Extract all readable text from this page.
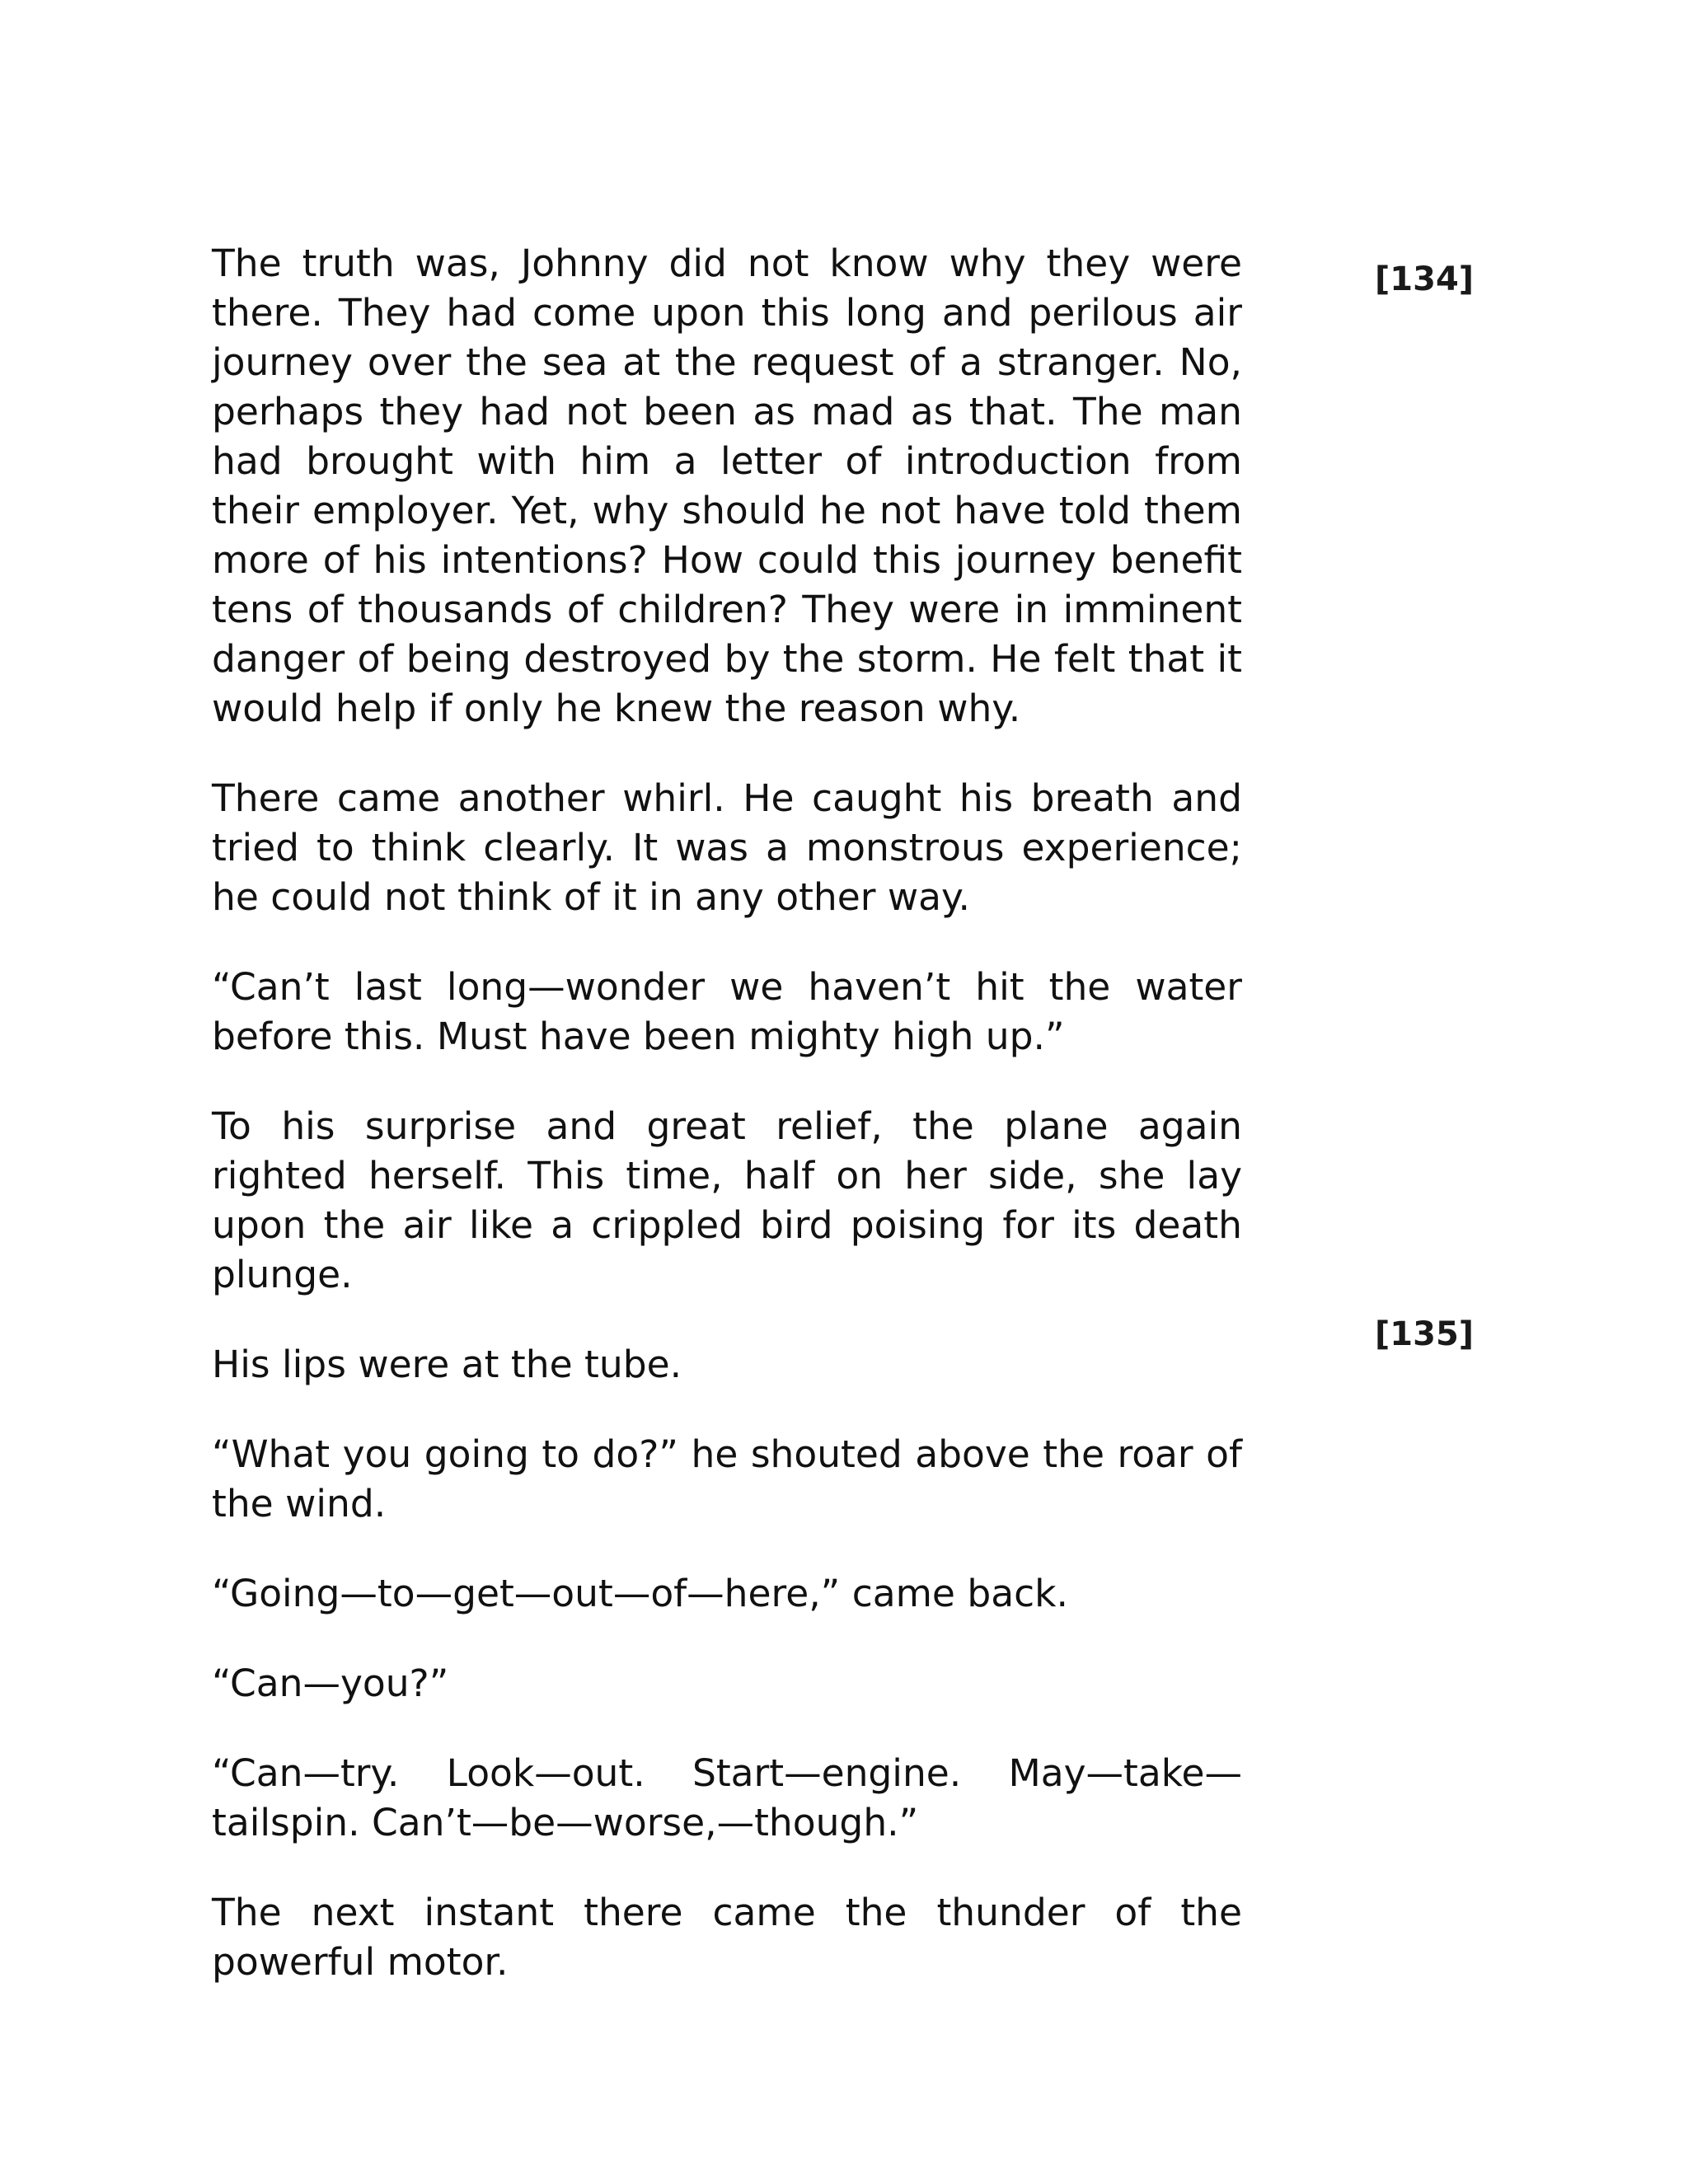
The truth was, Johnny did not know why they were there. They had come upon this long and perilous air journey over the sea at the request of a stranger. No, perhaps they had not been as mad as that. The man had brought with him a letter of introduction from their employer. Yet, why should he not have told them more of his intentions? How could this journey benefit tens of thousands of children? They were in imminent danger of being destroyed by the storm. He felt that it would help if only he knew the reason why.

There came another whirl. He caught his breath and tried to think clearly. It was a monstrous experience; he could not think of it in any other way.

“Can’t last long—wonder we haven’t hit the water before this. Must have been mighty high up.”

To his surprise and great relief, the plane again righted herself. This time, half on her side, she lay upon the air like a crippled bird poising for its death plunge.

His lips were at the tube.

“What you going to do?” he shouted above the roar of the wind.

“Going—to—get—out—of—here,” came back.

“Can—you?”

“Can—try. Look—out. Start—engine. May—take—tailspin. Can’t—be—worse,—though.”

The next instant there came the thunder of the powerful motor.

[134]
[135]
